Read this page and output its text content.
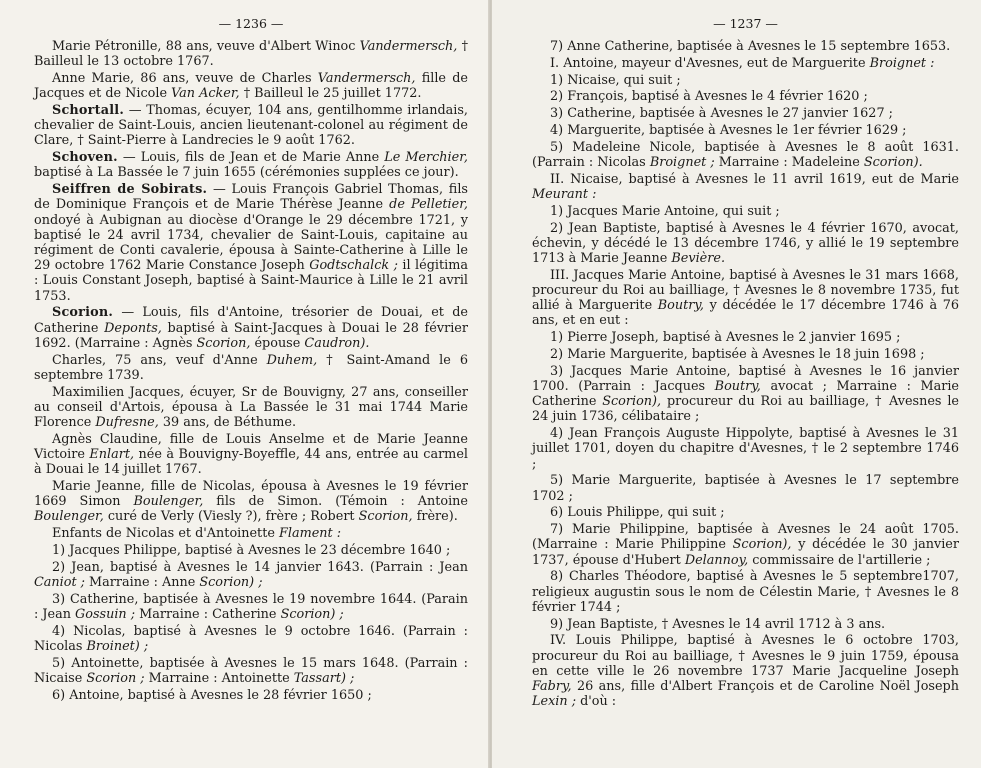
— 1236 —

Marie Pétronille, 88 ans, veuve d'Albert Winoc Vandermersch, † Bailleul le 13 octobre 1767.

Anne Marie, 86 ans, veuve de Charles Vandermersch, fille de Jacques et de Nicole Van Acker, † Bailleul le 25 juillet 1772.

Schortall. — Thomas, écuyer, 104 ans, gentilhomme irlandais, chevalier de Saint-Louis, ancien lieutenant-colonel au régiment de Clare, † Saint-Pierre à Landrecies le 9 août 1762.

Schoven. — Louis, fils de Jean et de Marie Anne Le Merchier, baptisé à La Bassée le 7 juin 1655 (cérémonies supplées ce jour).

Seiffren de Sobirats. — Louis François Gabriel Thomas, fils de Dominique François et de Marie Thérèse Jeanne de Pelletier, ondoyé à Aubignan au diocèse d'Orange le 29 décembre 1721, y baptisé le 24 avril 1734, chevalier de Saint-Louis, capitaine au régiment de Conti cavalerie, épousa à Sainte-Catherine à Lille le 29 octobre 1762 Marie Constance Joseph Godtschalck ; il légitima : Louis Constant Joseph, baptisé à Saint-Maurice à Lille le 21 avril 1753.

Scorion. — Louis, fils d'Antoine, trésorier de Douai, et de Catherine Deponts, baptisé à Saint-Jacques à Douai le 28 février 1692. (Marraine : Agnès Scorion, épouse Caudron).

Charles, 75 ans, veuf d'Anne Duhem, † Saint-Amand le 6 septembre 1739.

Maximilien Jacques, écuyer, Sr de Bouvigny, 27 ans, conseiller au conseil d'Artois, épousa à La Bassée le 31 mai 1744 Marie Florence Dufresne, 39 ans, de Béthume.

Agnès Claudine, fille de Louis Anselme et de Marie Jeanne Victoire Enlart, née à Bouvigny-Boyeffle, 44 ans, entrée au carmel à Douai le 14 juillet 1767.

Marie Jeanne, fille de Nicolas, épousa à Avesnes le 19 février 1669 Simon Boulenger, fils de Simon. (Témoin : Antoine Boulenger, curé de Verly (Viesly ?), frère ; Robert Scorion, frère).

Enfants de Nicolas et d'Antoinette Flament :

1) Jacques Philippe, baptisé à Avesnes le 23 décembre 1640 ;

2) Jean, baptisé à Avesnes le 14 janvier 1643. (Parrain : Jean Caniot ; Marraine : Anne Scorion) ;

3) Catherine, baptisée à Avesnes le 19 novembre 1644. (Parain : Jean Gossuin ; Marraine : Catherine Scorion) ;

4) Nicolas, baptisé à Avesnes le 9 octobre 1646. (Parrain : Nicolas Broinet) ;

5) Antoinette, baptisée à Avesnes le 15 mars 1648. (Parrain : Nicaise Scorion ; Marraine : Antoinette Tassart) ;

6) Antoine, baptisé à Avesnes le 28 février 1650 ;

— 1237 —

7) Anne Catherine, baptisée à Avesnes le 15 septembre 1653.

I. Antoine, mayeur d'Avesnes, eut de Marguerite Broignet :

1) Nicaise, qui suit ;

2) François, baptisé à Avesnes le 4 février 1620 ;

3) Catherine, baptisée à Avesnes le 27 janvier 1627 ;

4) Marguerite, baptisée à Avesnes le 1er février 1629 ;

5) Madeleine Nicole, baptisée à Avesnes le 8 août 1631. (Parrain : Nicolas Broignet ; Marraine : Madeleine Scorion).

II. Nicaise, baptisé à Avesnes le 11 avril 1619, eut de Marie Meurant :

1) Jacques Marie Antoine, qui suit ;

2) Jean Baptiste, baptisé à Avesnes le 4 février 1670, avocat, échevin, y décédé le 13 décembre 1746, y allié le 19 septembre 1713 à Marie Jeanne Bevière.

III. Jacques Marie Antoine, baptisé à Avesnes le 31 mars 1668, procureur du Roi au bailliage, † Avesnes le 8 novembre 1735, fut allié à Marguerite Boutry, y décédée le 17 décembre 1746 à 76 ans, et en eut :

1) Pierre Joseph, baptisé à Avesnes le 2 janvier 1695 ;

2) Marie Marguerite, baptisée à Avesnes le 18 juin 1698 ;

3) Jacques Marie Antoine, baptisé à Avesnes le 16 janvier 1700. (Parrain : Jacques Boutry, avocat ; Marraine : Marie Catherine Scorion), procureur du Roi au bailliage, † Avesnes le 24 juin 1736, célibataire ;

4) Jean François Auguste Hippolyte, baptisé à Avesnes le 31 juillet 1701, doyen du chapitre d'Avesnes, † le 2 septembre 1746 ;

5) Marie Marguerite, baptisée à Avesnes le 17 septembre 1702 ;

6) Louis Philippe, qui suit ;

7) Marie Philippine, baptisée à Avesnes le 24 août 1705. (Marraine : Marie Philippine Scorion), y décédée le 30 janvier 1737, épouse d'Hubert Delannoy, commissaire de l'artillerie ;

8) Charles Théodore, baptisé à Avesnes le 5 septembre1707, religieux augustin sous le nom de Célestin Marie, † Avesnes le 8 février 1744 ;

9) Jean Baptiste, † Avesnes le 14 avril 1712 à 3 ans.

IV. Louis Philippe, baptisé à Avesnes le 6 octobre 1703, procureur du Roi au bailliage, † Avesnes le 9 juin 1759, épousa en cette ville le 26 novembre 1737 Marie Jacqueline Joseph Fabry, 26 ans, fille d'Albert François et de Caroline Noël Joseph Lexin ; d'où :
